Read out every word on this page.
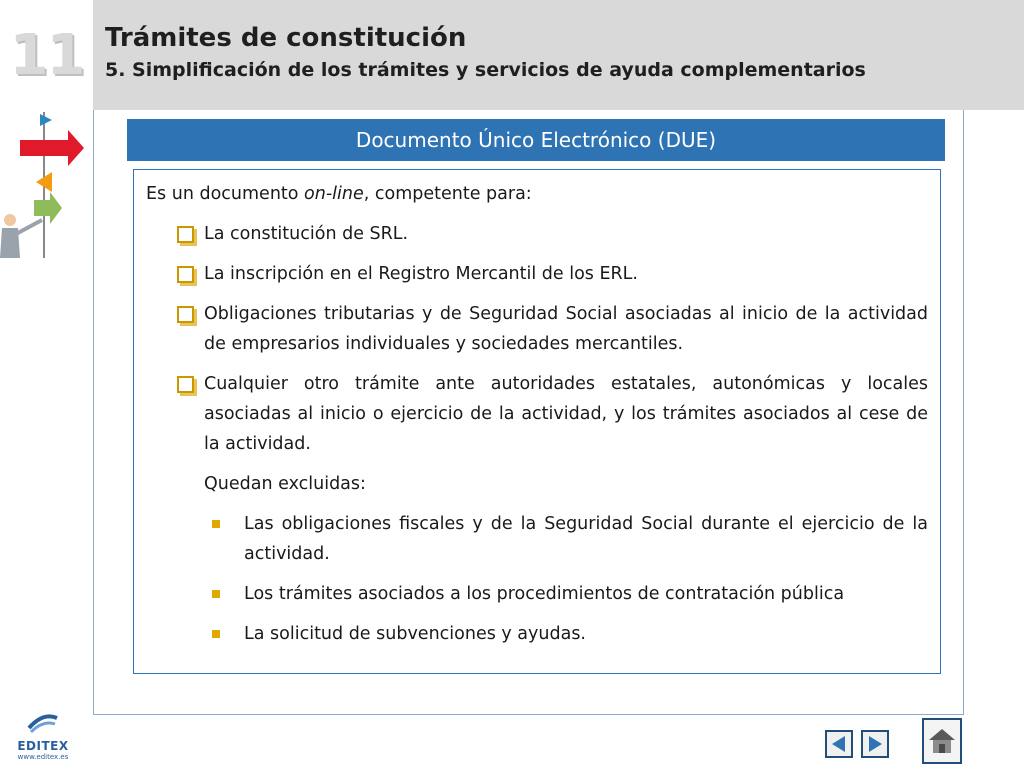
11 Trámites de constitución
5. Simplificación de los trámites y servicios de ayuda complementarios
Documento Único Electrónico (DUE)
Es un documento on-line, competente para:
La constitución de SRL.
La inscripción en el Registro Mercantil de los ERL.
Obligaciones tributarias y de Seguridad Social asociadas al inicio de la actividad de empresarios individuales y sociedades mercantiles.
Cualquier otro trámite ante autoridades estatales, autonómicas y locales asociadas al inicio o ejercicio de la actividad, y los trámites asociados al cese de la actividad.
Quedan excluidas:
Las obligaciones fiscales y de la Seguridad Social durante el ejercicio de la actividad.
Los trámites asociados a los procedimientos de contratación pública
La solicitud de subvenciones y ayudas.
EDITEX
www.editex.es
